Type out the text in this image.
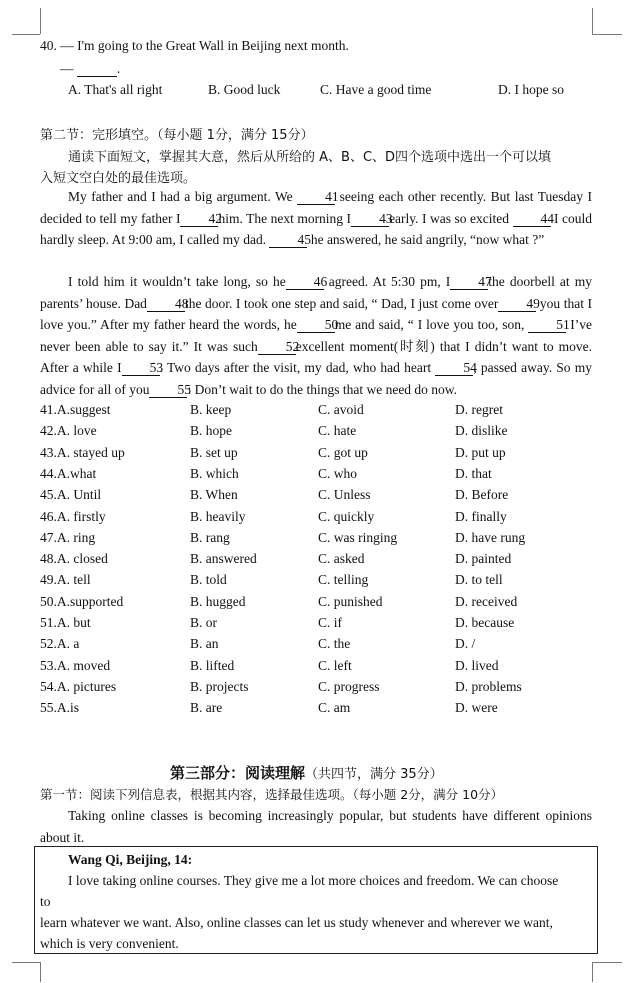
40. — I'm going to the Great Wall in Beijing next month.
—	.
A. That's all right	B. Good luck	C. Have a good time	D. I hope so
第二节：完形填空。（每小题 1分，满分 15分）
通读下面短文，掌握其大意，然后从所给的 A、B、C、D四个选项中选出一个可以填
入短文空白处的最佳选项。
My father and I had a big argument. We 41 seeing each other recently. But last Tuesday I decided to tell my father I 42him. The next morning I 43early. I was so excited 44 I could hardly sleep. At 9:00 am, I called my dad. 45 he answered, he said angrily, “now what ?”
I told him it wouldn’t take long, so he 46 agreed. At 5:30 pm, I 47the doorbell at my parents’ house. Dad 48the door. I took one step and said, “ Dad, I just come over 49 you that I love you.” After my father heard the words, he 50me and said, “ I love you too, son, 51 I’ve never been able to say it.” It was such 52excellent moment(时刻) that I didn’t want to move. After a while I 53. Two days after the visit, my dad, who had heart 54, passed away. So my advice for all of you 55: Don’t wait to do the things that we need do now.
41.A.suggest	B. keep	C. avoid	D. regret
42.A. love	B. hope	C. hate	D. dislike
43.A. stayed up	B. set up	C. got up	D. put up
44.A.what	B. which	C. who	D. that
45.A. Until	B. When	C. Unless	D. Before
46.A. firstly	B. heavily	C. quickly	D. finally
47.A. ring	B. rang	C. was ringing	D. have rung
48.A. closed	B. answered	C. asked	D. painted
49.A. tell	B. told	C. telling	D. to tell
50.A.supported	B. hugged	C. punished	D. received
51.A. but	B. or	C. if	D. because
52.A. a	B. an	C. the	D. /
53.A. moved	B. lifted	C. left	D. lived
54.A. pictures	B. projects	C. progress	D. problems
55.A.is	B. are	C. am	D. were
第三部分：阅读理解（共四节，满分 35分）
第一节：阅读下列信息表，根据其内容，选择最佳选项。（每小题 2分，满分 10分）
Taking online classes is becoming increasingly popular, but students have different opinions about it.
Wang Qi, Beijing, 14:
I love taking online courses. They give me a lot more choices and freedom. We can choose
to
learn whatever we want. Also, online classes can let us study whenever and wherever we want,
which is very convenient.
